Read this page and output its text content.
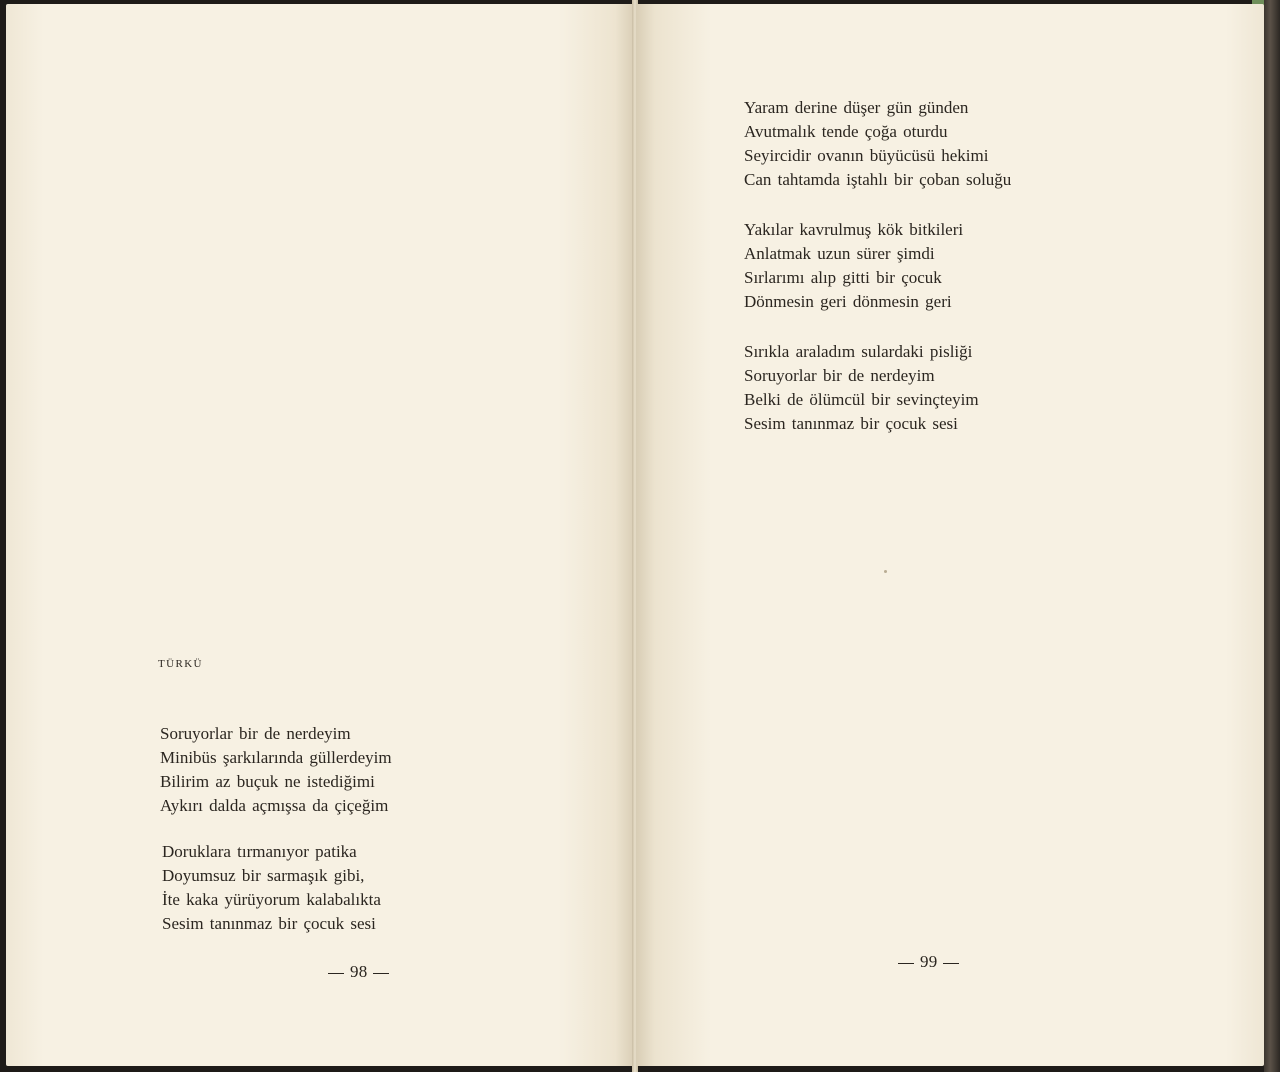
TÜRKÜ
Soruyorlar bir de nerdeyim
Minibüs şarkılarında güllerdeyim
Bilirim az buçuk ne istediğimi
Aykırı dalda açmışsa da çiçeğim
Doruklara tırmanıyor patika
Doyumsuz bir sarmaşık gibi,
İte kaka yürüyorum kalabalıkta
Sesim tanınmaz bir çocuk sesi
98
Yaram derine düşer gün günden
Avutmalık tende çoğa oturdu
Seyircidir ovanın büyücüsü hekimi
Can tahtamda iştahlı bir çoban soluğu
Yakılar kavrulmuş kök bitkileri
Anlatmak uzun sürer şimdi
Sırlarımı alıp gitti bir çocuk
Dönmesin geri dönmesin geri
Sırıkla araladım sulardaki pisliği
Soruyorlar bir de nerdeyim
Belki de ölümcül bir sevinçteyim
Sesim tanınmaz bir çocuk sesi
99
